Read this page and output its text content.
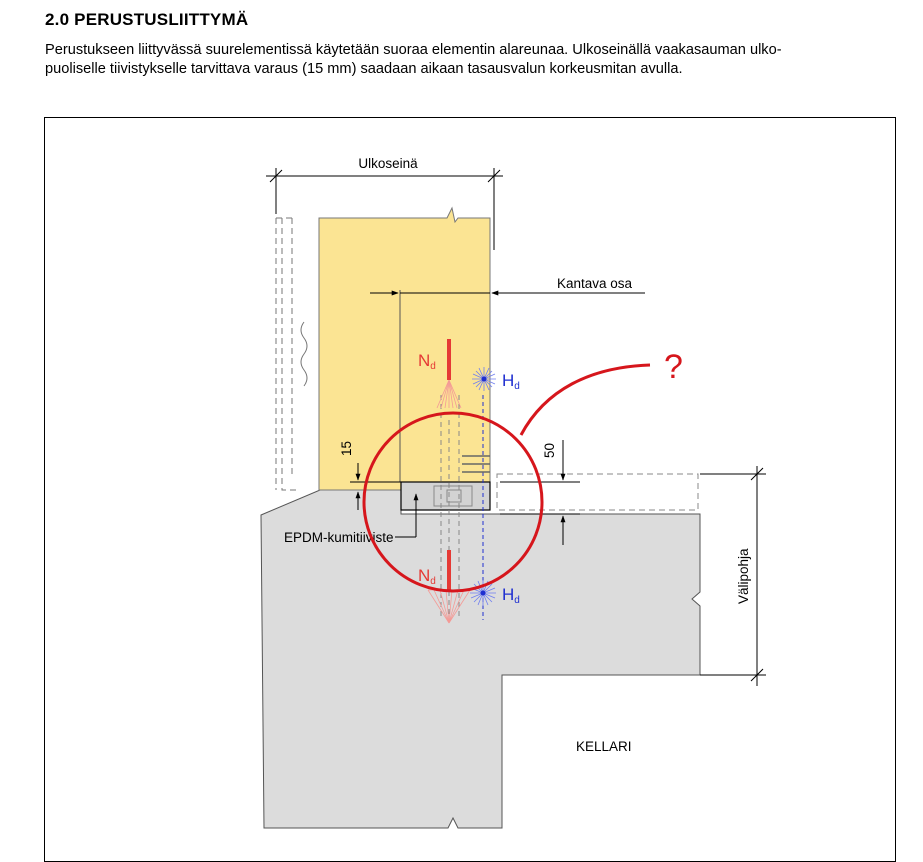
2.0 PERUSTUSLIITTYMÄ

Perustukseen liittyvässä suurelementissä käytetään suoraa elementin alareunaa. Ulkoseinällä vaakasauman ulko-
puoliselle tiivistykselle tarvittava varaus (15 mm) saadaan aikaan tasausvalun korkeusmitan avulla.

Ulkoseinä
Kantava osa
15	50
Välipohja
EPDM-kumitiiviste
Nd
Hd
Nd
Hd
?
KELLARI
